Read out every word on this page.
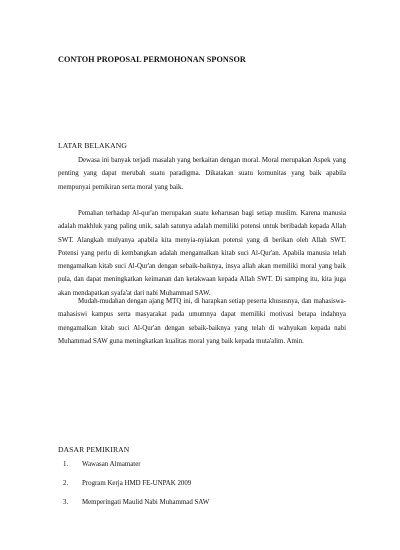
CONTOH PROPOSAL PERMOHONAN SPONSOR
LATAR BELAKANG

Dewasa ini banyak terjadi masalah yang berkaitan dengan moral. Moral merupakan Aspek yang penting yang dapat merubah suatu paradigma. Dikatakan suatu komunitas yang baik apabila mempunyai pemikiran serta moral yang baik.

Pemahan terhadap Al-qur'an merupakan suatu keharusan bagi setiap muslim. Karena manusia adalah makhluk yang paling unik, salah satunya adalah memiliki potensi untuk beribadah kepada Allah SWT. Alangkah mulyanya apabila kita menyia-nyiakan potensi yang di berikan oleh Allah SWT. Potensi yang perlu di kembangkan adalah mengamalkan kitab suci Al-Qur'an. Apabila manusia telah mengamalkan kitab suci Al-Qur'an dengan sebaik-baiknya, insya allah akan memiliki moral yang baik pula, dan dapat meningkatkan keimanan dan ketakwaan kepada Allah SWT. Di samping itu, kita juga akan mendapatkan syafa'at dari nabi Muhammad SAW.

Mudah-mudahan dengan ajang MTQ ini, di harapkan setiap peserta khususnya, dan mahasiswa-mahasiswi kampus serta masyarakat pada umumnya dapat memiliki motivasi betapa indahnya mengamalkan kitab suci Al-Qur'an dengan sebaik-baiknya yang telah di wahyukan kepada nabi Muhammad SAW guna meningkatkan kualitas moral yang baik kepada muta'alim. Amin.

DASAR PEMIKIRAN
1. Wawasan Almamater
2. Program Kerja HMD FE-UNPAK 2009
3. Memperingati Maulid Nabi Muhammad SAW
